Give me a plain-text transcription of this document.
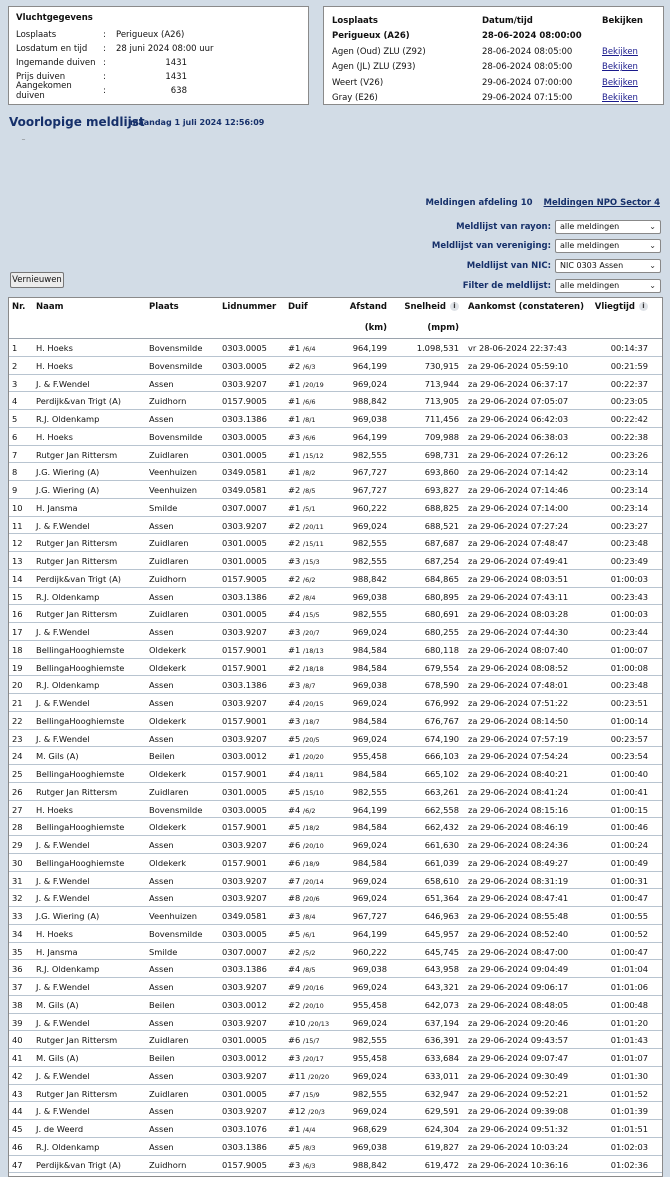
Vluchtgegevens
Losplaats	:	Perigueux (A26)
Losdatum en tijd	:	28 juni 2024 08:00 uur
Ingemande duiven :	1431
Prijs duiven	:	1431
Aangekomen duiven	:	638
Losplaats	Datum/tijd	Bekijken
Perigueux (A26)	28-06-2024 08:00:00
Agen (Oud) ZLU (Z92)	28-06-2024 08:05:00	Bekijken
Agen (JL) ZLU (Z93)	28-06-2024 08:05:00	Bekijken
Weert (V26)	29-06-2024 07:00:00	Bekijken
Gray (E26)	29-06-2024 07:15:00	Bekijken
Voorlopige meldlijst
maandag 1 juli 2024 12:56:09
_
Meldingen afdeling 10 Meldingen NPO Sector 4
Meldlijst van rayon: alle meldingen	⌄
Meldlijst van vereniging: alle meldingen	⌄
Meldlijst van NIC: NIC 0303 Assen	⌄
Filter de meldlijst: alle meldingen	⌄
Vernieuwen
Nr. Naam	Plaats	Lidnummer Duif	Afstand
(km)
Snelheid i
(mpm)
Aankomst (constateren)	Vliegtijd i
1 H. Hoeks	Bovensmilde 0303.0005	#1 /6/4	964,199	1.098,531 vr 28-06-2024 22:37:43	00:14:37
2 H. Hoeks	Bovensmilde 0303.0005	#2 /6/3	964,199	730,915 za 29-06-2024 05:59:10	00:21:59
3 J. & F.Wendel	Assen	0303.9207	#1 /20/19	969,024	713,944 za 29-06-2024 06:37:17	00:22:37
4 Perdijk&van Trigt (A)	Zuidhorn	0157.9005	#1 /6/6	988,842	713,905 za 29-06-2024 07:05:07	00:23:05
5 R.J. Oldenkamp	Assen	0303.1386	#1 /8/1	969,038	711,456 za 29-06-2024 06:42:03	00:22:42
6 H. Hoeks	Bovensmilde 0303.0005	#3 /6/6	964,199	709,988 za 29-06-2024 06:38:03	00:22:38
7 Rutger Jan Rittersm	Zuidlaren	0301.0005	#1 /15/12	982,555	698,731 za 29-06-2024 07:26:12	00:23:26
8 J.G. Wiering (A)	Veenhuizen	0349.0581	#1 /8/2	967,727	693,860 za 29-06-2024 07:14:42	00:23:14
9 J.G. Wiering (A)	Veenhuizen	0349.0581	#2 /8/5	967,727	693,827 za 29-06-2024 07:14:46	00:23:14
10 H. Jansma	Smilde	0307.0007	#1 /5/1	960,222	688,825 za 29-06-2024 07:14:00	00:23:14
11 J. & F.Wendel	Assen	0303.9207	#2 /20/11	969,024	688,521 za 29-06-2024 07:27:24	00:23:27
12 Rutger Jan Rittersm	Zuidlaren	0301.0005	#2 /15/11	982,555	687,687 za 29-06-2024 07:48:47	00:23:48
13 Rutger Jan Rittersm	Zuidlaren	0301.0005	#3 /15/3	982,555	687,254 za 29-06-2024 07:49:41	00:23:49
14 Perdijk&van Trigt (A)	Zuidhorn	0157.9005	#2 /6/2	988,842	684,865 za 29-06-2024 08:03:51	01:00:03
15 R.J. Oldenkamp	Assen	0303.1386	#2 /8/4	969,038	680,895 za 29-06-2024 07:43:11	00:23:43
16 Rutger Jan Rittersm	Zuidlaren	0301.0005	#4 /15/5	982,555	680,691 za 29-06-2024 08:03:28	01:00:03
17 J. & F.Wendel	Assen	0303.9207	#3 /20/7	969,024	680,255 za 29-06-2024 07:44:30	00:23:44
18 BellingaHooghiemste	Oldekerk	0157.9001	#1 /18/13	984,584	680,118 za 29-06-2024 08:07:40	01:00:07
19 BellingaHooghiemste	Oldekerk	0157.9001	#2 /18/18	984,584	679,554 za 29-06-2024 08:08:52	01:00:08
20 R.J. Oldenkamp	Assen	0303.1386	#3 /8/7	969,038	678,590 za 29-06-2024 07:48:01	00:23:48
21 J. & F.Wendel	Assen	0303.9207	#4 /20/15	969,024	676,992 za 29-06-2024 07:51:22	00:23:51
22 BellingaHooghiemste	Oldekerk	0157.9001	#3 /18/7	984,584	676,767 za 29-06-2024 08:14:50	01:00:14
23 J. & F.Wendel	Assen	0303.9207	#5 /20/5	969,024	674,190 za 29-06-2024 07:57:19	00:23:57
24 M. Gils (A)	Beilen	0303.0012	#1 /20/20	955,458	666,103 za 29-06-2024 07:54:24	00:23:54
25 BellingaHooghiemste	Oldekerk	0157.9001	#4 /18/11	984,584	665,102 za 29-06-2024 08:40:21	01:00:40
26 Rutger Jan Rittersm	Zuidlaren	0301.0005	#5 /15/10	982,555	663,261 za 29-06-2024 08:41:24	01:00:41
27 H. Hoeks	Bovensmilde 0303.0005	#4 /6/2	964,199	662,558 za 29-06-2024 08:15:16	01:00:15
28 BellingaHooghiemste	Oldekerk	0157.9001	#5 /18/2	984,584	662,432 za 29-06-2024 08:46:19	01:00:46
29 J. & F.Wendel	Assen	0303.9207	#6 /20/10	969,024	661,630 za 29-06-2024 08:24:36	01:00:24
30 BellingaHooghiemste	Oldekerk	0157.9001	#6 /18/9	984,584	661,039 za 29-06-2024 08:49:27	01:00:49
31 J. & F.Wendel	Assen	0303.9207	#7 /20/14	969,024	658,610 za 29-06-2024 08:31:19	01:00:31
32 J. & F.Wendel	Assen	0303.9207	#8 /20/6	969,024	651,364 za 29-06-2024 08:47:41	01:00:47
33 J.G. Wiering (A)	Veenhuizen	0349.0581	#3 /8/4	967,727	646,963 za 29-06-2024 08:55:48	01:00:55
34 H. Hoeks	Bovensmilde 0303.0005	#5 /6/1	964,199	645,957 za 29-06-2024 08:52:40	01:00:52
35 H. Jansma	Smilde	0307.0007	#2 /5/2	960,222	645,745 za 29-06-2024 08:47:00	01:00:47
36 R.J. Oldenkamp	Assen	0303.1386	#4 /8/5	969,038	643,958 za 29-06-2024 09:04:49	01:01:04
37 J. & F.Wendel	Assen	0303.9207	#9 /20/16	969,024	643,321 za 29-06-2024 09:06:17	01:01:06
38 M. Gils (A)	Beilen	0303.0012	#2 /20/10	955,458	642,073 za 29-06-2024 08:48:05	01:00:48
39 J. & F.Wendel	Assen	0303.9207	#10 /20/13	969,024	637,194 za 29-06-2024 09:20:46	01:01:20
40 Rutger Jan Rittersm	Zuidlaren	0301.0005	#6 /15/7	982,555	636,391 za 29-06-2024 09:43:57	01:01:43
41 M. Gils (A)	Beilen	0303.0012	#3 /20/17	955,458	633,684 za 29-06-2024 09:07:47	01:01:07
42 J. & F.Wendel	Assen	0303.9207	#11 /20/20	969,024	633,011 za 29-06-2024 09:30:49	01:01:30
43 Rutger Jan Rittersm	Zuidlaren	0301.0005	#7 /15/9	982,555	632,947 za 29-06-2024 09:52:21	01:01:52
44 J. & F.Wendel	Assen	0303.9207	#12 /20/3	969,024	629,591 za 29-06-2024 09:39:08	01:01:39
45 J. de Weerd	Assen	0303.1076	#1 /4/4	968,629	624,304 za 29-06-2024 09:51:32	01:01:51
46 R.J. Oldenkamp	Assen	0303.1386	#5 /8/3	969,038	619,827 za 29-06-2024 10:03:24	01:02:03
47 Perdijk&van Trigt (A)	Zuidhorn	0157.9005	#3 /6/3	988,842	619,472 za 29-06-2024 10:36:16	01:02:36
